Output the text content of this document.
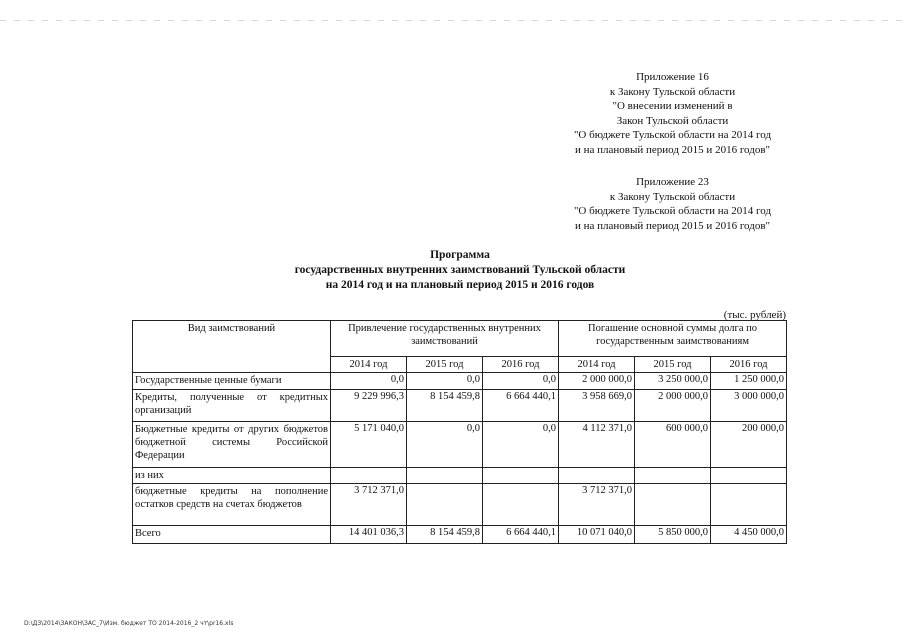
Приложение 16
к Закону Тульской области
"О внесении изменений в
Закон Тульской области
"О бюджете Тульской области на 2014 год
и на плановый период 2015 и 2016 годов"
Приложение 23
к Закону Тульской области
"О бюджете Тульской области на 2014 год
и на плановый период 2015 и 2016 годов"
Программа
государственных внутренних заимствований Тульской области
на 2014 год и на плановый период 2015 и 2016 годов
(тыс. рублей)
Вид заимствований	Привлечение государственных внутренних заимствований			Погашение основной суммы долга по государственным заимствованиям		
	2014 год	2015 год	2016 год	2014 год	2015 год	2016 год
Государственные ценные бумаги	0,0	0,0	0,0	2 000 000,0	3 250 000,0	1 250 000,0
Кредиты, полученные от кредитных организаций	9 229 996,3	8 154 459,8	6 664 440,1	3 958 669,0	2 000 000,0	3 000 000,0
Бюджетные кредиты от других бюджетов бюджетной системы Российской Федерации	5 171 040,0	0,0	0,0	4 112 371,0	600 000,0	200 000,0
из них						
бюджетные кредиты на пополнение остатков средств на счетах бюджетов	3 712 371,0			3 712 371,0		
Всего	14 401 036,3	8 154 459,8	6 664 440,1	10 071 040,0	5 850 000,0	4 450 000,0
D:\ДЗ\2014\ЗАКОН\ЗАС_7\Изм. бюджет ТО 2014-2016_2 чт\pr16.xls
